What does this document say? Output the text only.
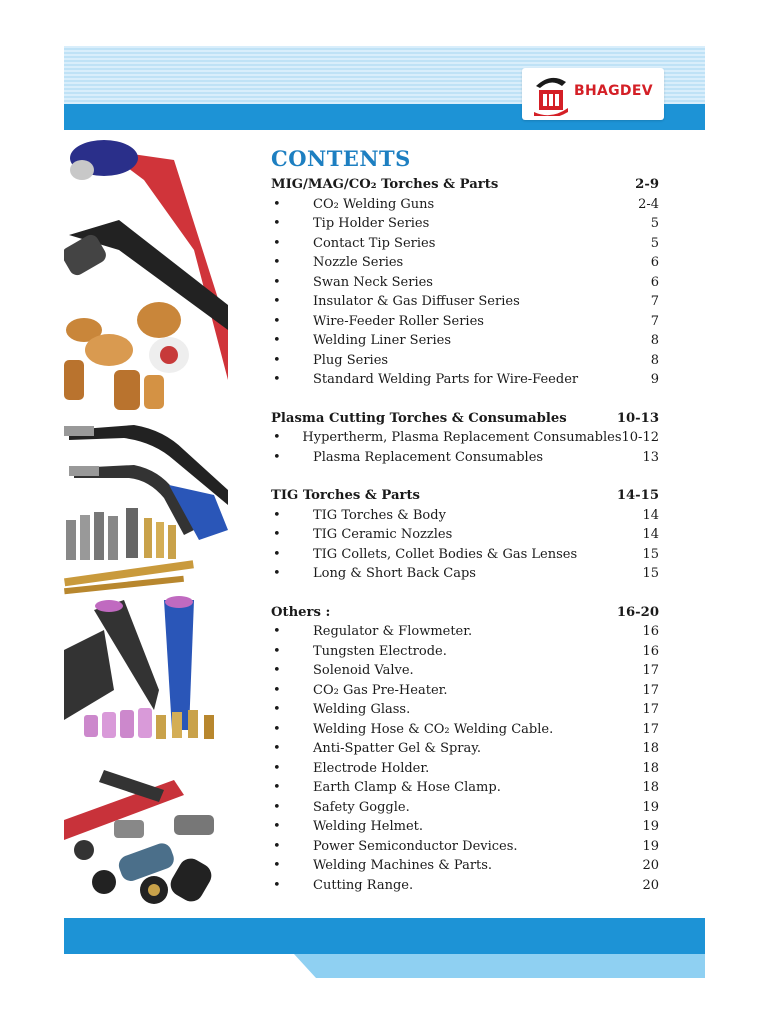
BHAGDEV
CONTENTS
MIG/MAG/CO₂ Torches & Parts	2-9
•	CO₂ Welding Guns	2-4
•	Tip Holder Series	5
•	Contact Tip Series	5
•	Nozzle Series	6
•	Swan Neck Series	6
•	Insulator & Gas Diffuser Series	7
•	Wire-Feeder Roller Series	7
•	Welding Liner Series	8
•	Plug Series	8
•	Standard Welding Parts for Wire-Feeder	9
Plasma Cutting Torches & Consumables	10-13
•	Hypertherm, Plasma Replacement Consumables 10-12
•	Plasma Replacement Consumables	13
TIG Torches & Parts	14-15
•	TIG Torches & Body	14
•	TIG Ceramic Nozzles	14
•	TIG Collets, Collet Bodies & Gas Lenses	15
•	Long & Short Back Caps	15
Others :	16-20
•	Regulator & Flowmeter.	16
•	Tungsten Electrode.	16
•	Solenoid Valve.	17
•	CO₂ Gas Pre-Heater.	17
•	Welding Glass.	17
•	Welding Hose & CO₂ Welding Cable.	17
•	Anti-Spatter Gel & Spray.	18
•	Electrode Holder.	18
•	Earth Clamp & Hose Clamp.	18
•	Safety Goggle.	19
•	Welding Helmet.	19
•	Power Semiconductor Devices.	19
•	Welding Machines & Parts.	20
•	Cutting Range.	20
